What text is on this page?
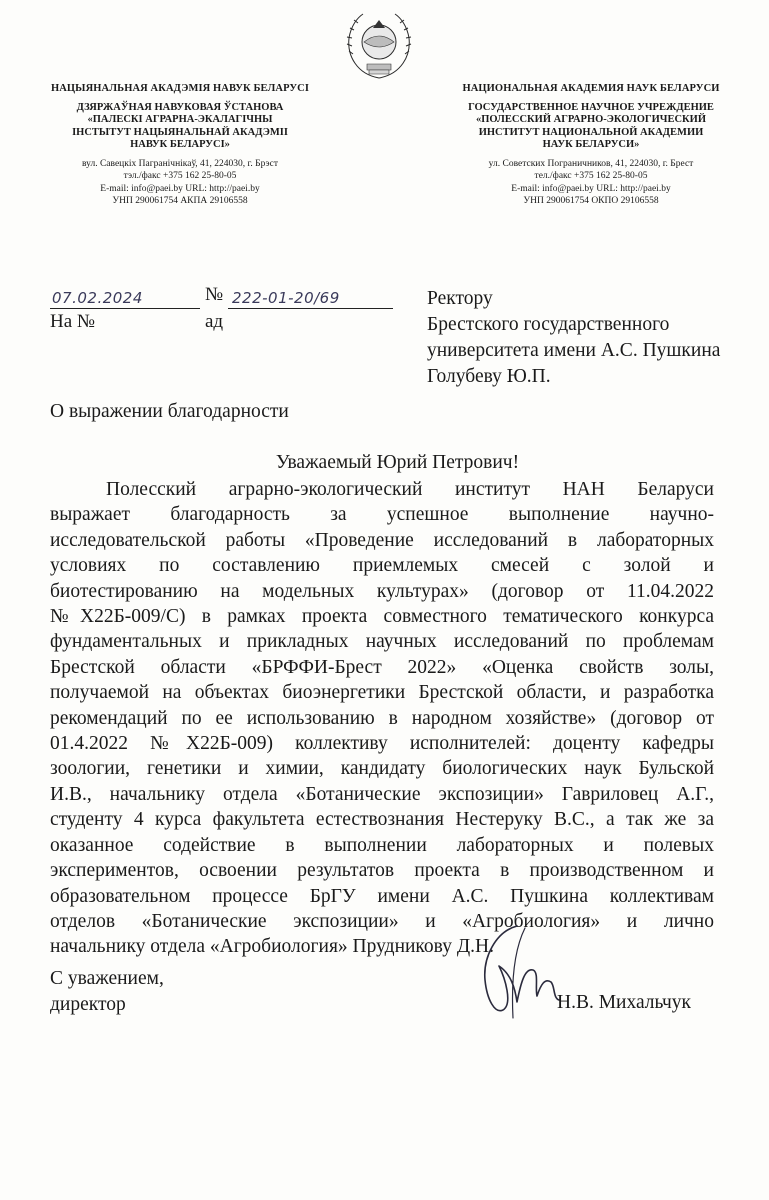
НАЦЫЯНАЛЬНАЯ АКАДЭМІЯ НАВУК БЕЛАРУСІ
ДЗЯРЖАЎНАЯ НАВУКОВАЯ ЎСТАНОВА
«ПАЛЕСКІ АГРАРНА-ЭКАЛАГІЧНЫ
ІНСТЫТУТ НАЦЫЯНАЛЬНАЙ АКАДЭМІІ
НАВУК БЕЛАРУСІ»
вул. Савецкіх Пагранічнікаў, 41, 224030, г. Брэст
тэл./факс +375 162 25-80-05
E-mail: info@paei.by URL: http://paei.by
УНП 290061754 АКПА 29106558
НАЦИОНАЛЬНАЯ АКАДЕМИЯ НАУК БЕЛАРУСИ
ГОСУДАРСТВЕННОЕ НАУЧНОЕ УЧРЕЖДЕНИЕ
«ПОЛЕССКИЙ АГРАРНО-ЭКОЛОГИЧЕСКИЙ
ИНСТИТУТ НАЦИОНАЛЬНОЙ АКАДЕМИИ
НАУК БЕЛАРУСИ»
ул. Советских Пограничников, 41, 224030, г. Брест
тел./факс +375 162 25-80-05
E-mail: info@paei.by URL: http://paei.by
УНП 290061754 ОКПО 29106558
07.02.2024	№ 222-01-20/69
На №	ад
Ректору
Брестского государственного
университета имени А.С. Пушкина
Голубеву Ю.П.
О выражении благодарности
Уважаемый Юрий Петрович!
Полесский аграрно-экологический институт НАН Беларуси
выражает благодарность за успешное выполнение научно-
исследовательской работы «Проведение исследований в лабораторных
условиях по составлению приемлемых смесей с золой и
биотестированию на модельных культурах» (договор от 11.04.2022
№Х22Б-009/С) в рамках проекта совместного тематического конкурса
фундаментальных и прикладных научных исследований по проблемам
Брестской области «БРФФИ-Брест 2022» «Оценка свойств золы,
получаемой на объектах биоэнергетики Брестской области, и разработка
рекомендаций по ее использованию в народном хозяйстве» (договор от
01.4.2022 №Х22Б-009) коллективу исполнителей: доценту кафедры
зоологии, генетики и химии, кандидату биологических наук Бульской
И.В., начальнику отдела «Ботанические экспозиции» Гавриловец А.Г.,
студенту 4 курса факультета естествознания Нестеруку В.С., а так же за
оказанное содействие в выполнении лабораторных и полевых
экспериментов, освоении результатов проекта в производственном и
образовательном процессе БрГУ имени А.С. Пушкина коллективам
отделов «Ботанические экспозиции» и «Агробиология» и лично
начальнику отдела «Агробиология» Прудникову Д.Н.
С уважением,
директор	Н.В. Михальчук
